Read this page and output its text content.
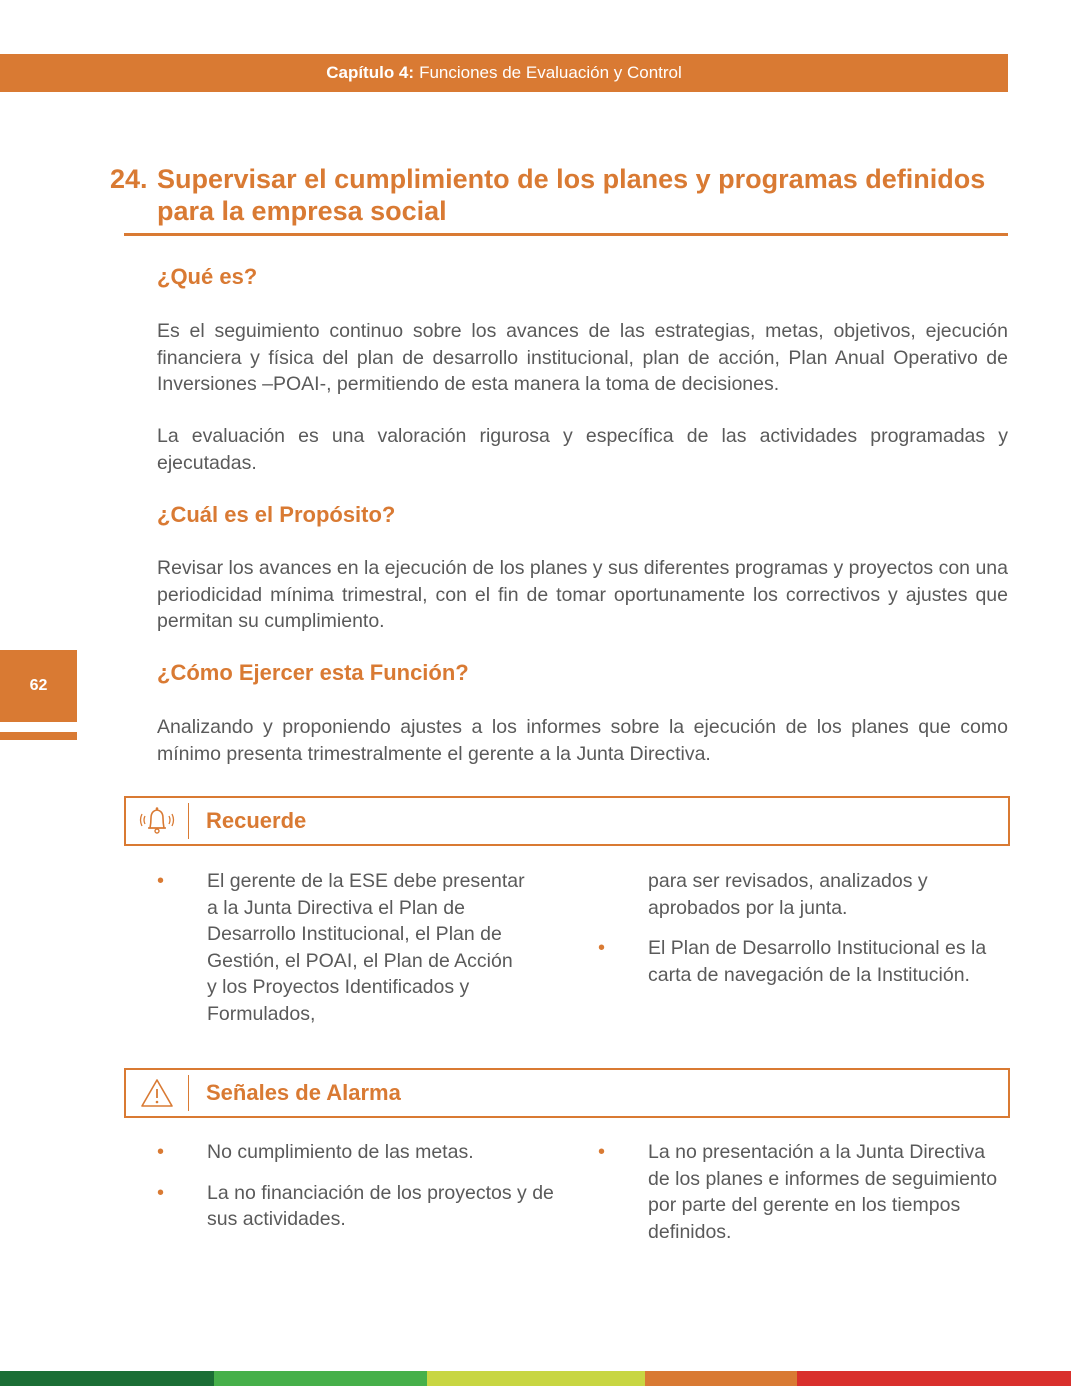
Capítulo 4: Funciones de Evaluación y Control
24. Supervisar el cumplimiento de los planes y programas definidos
para la empresa social
¿Qué es?
Es el seguimiento continuo sobre los avances de las estrategias, metas, objetivos, ejecución financiera y física del plan de desarrollo institucional, plan de acción, Plan Anual Operativo de Inversiones –POAI-, permitiendo de esta manera la toma de decisiones.
La evaluación es una valoración rigurosa y específica de las actividades programadas y ejecutadas.
¿Cuál es el Propósito?
Revisar los avances en la ejecución de los planes y sus diferentes programas y proyectos con una periodicidad mínima trimestral, con el fin de tomar oportunamente los correctivos y ajustes que permitan su cumplimiento.
¿Cómo Ejercer esta Función?
Analizando y proponiendo ajustes a los informes sobre la ejecución de los planes que como mínimo presenta trimestralmente el gerente a la Junta Directiva.
62
Recuerde
• El gerente de la ESE debe presentar a la Junta Directiva el Plan de Desarrollo Institucional, el Plan de Gestión, el POAI, el Plan de Acción y los Proyectos Identificados y Formulados,
para ser revisados, analizados y aprobados por la junta.
• El Plan de Desarrollo Institucional es la carta de navegación de la Institución.
Señales de Alarma
• No cumplimiento de las metas.
• La no financiación de los proyectos y de sus actividades.
• La no presentación a la Junta Directiva de los planes e informes de seguimiento por parte del gerente en los tiempos definidos.
